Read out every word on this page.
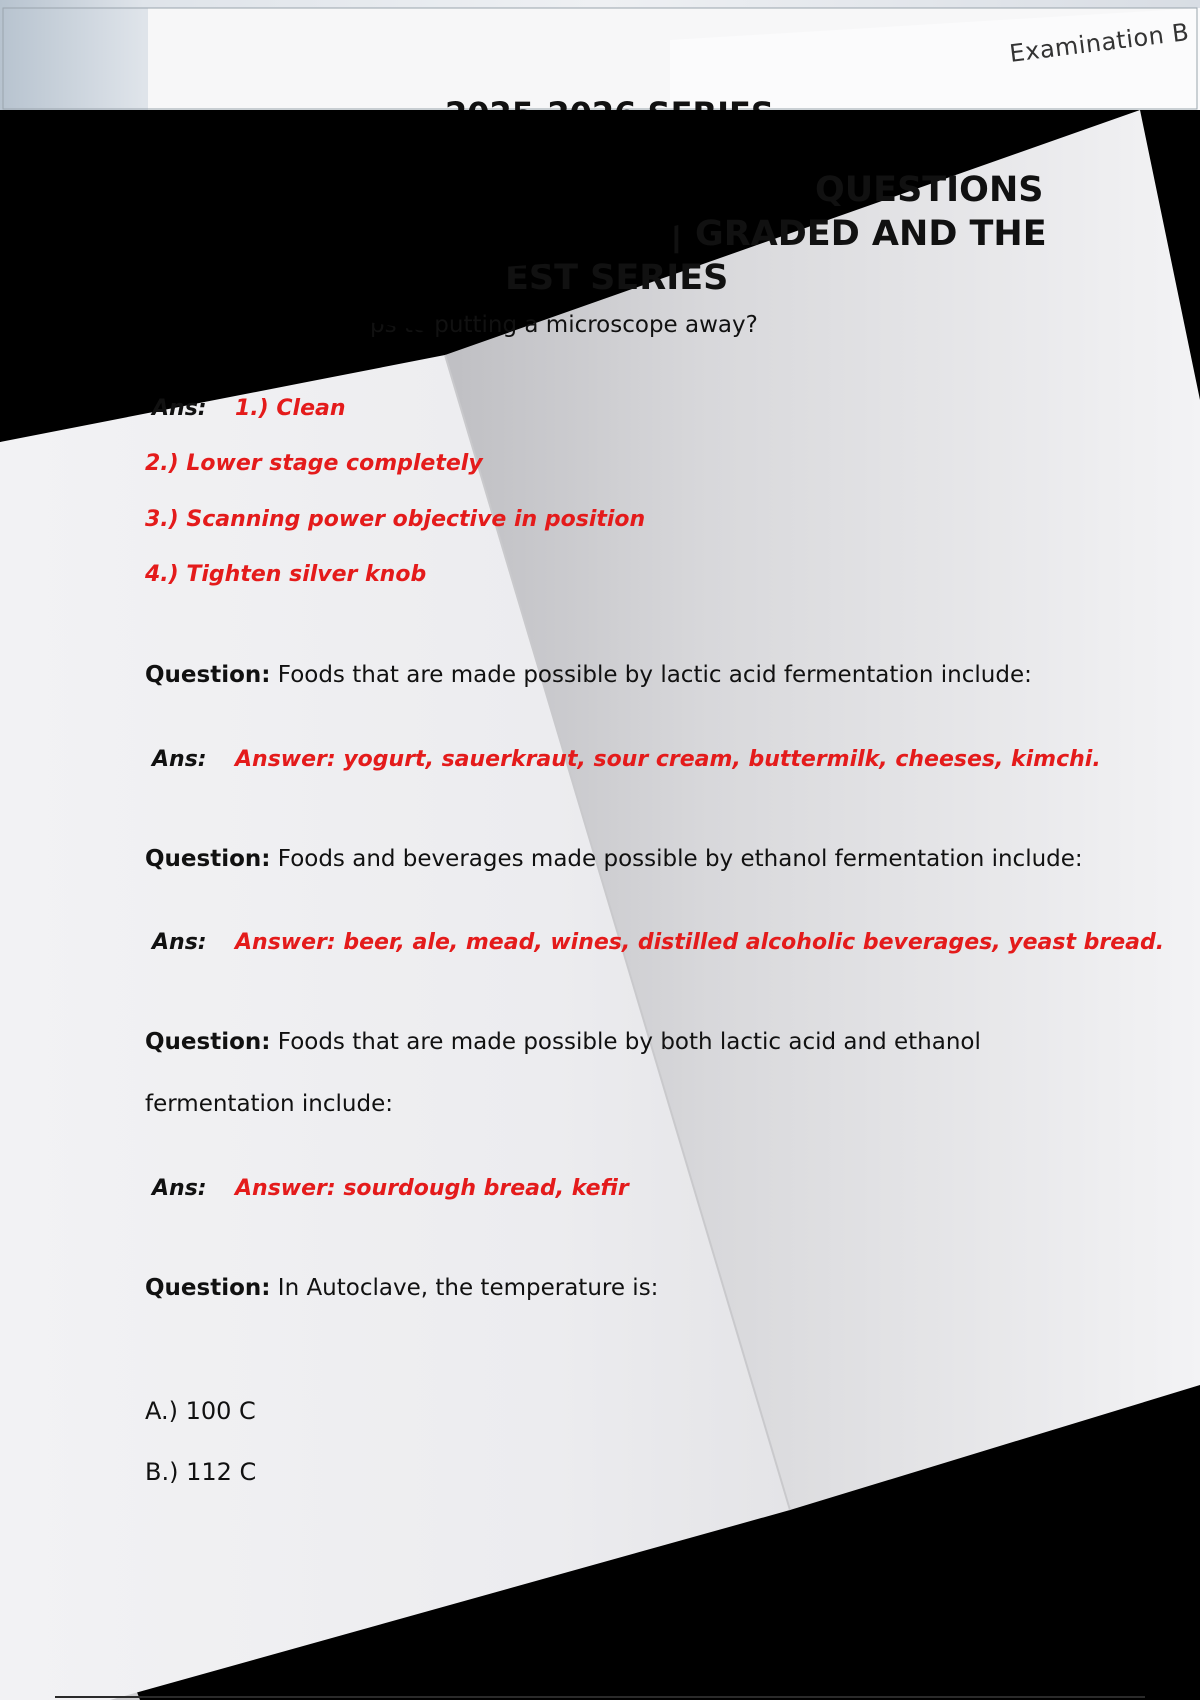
Examination B
QUESTIONS
| GRADED AND THE
EST SERIES
ps to putting a microscope away?
Ans: 1.) Clean
2.) Lower stage completely
3.) Scanning power objective in position
4.) Tighten silver knob
Question: Foods that are made possible by lactic acid fermentation include:
Ans: Answer: yogurt, sauerkraut, sour cream, buttermilk, cheeses, kimchi.
Question: Foods and beverages made possible by ethanol fermentation include:
Ans: Answer: beer, ale, mead, wines, distilled alcoholic beverages, yeast bread.
Question: Foods that are made possible by both lactic acid and ethanol
fermentation include:
Ans: Answer: sourdough bread, kefir
Question: In Autoclave, the temperature is:
A.) 100 C
B.) 112 C
